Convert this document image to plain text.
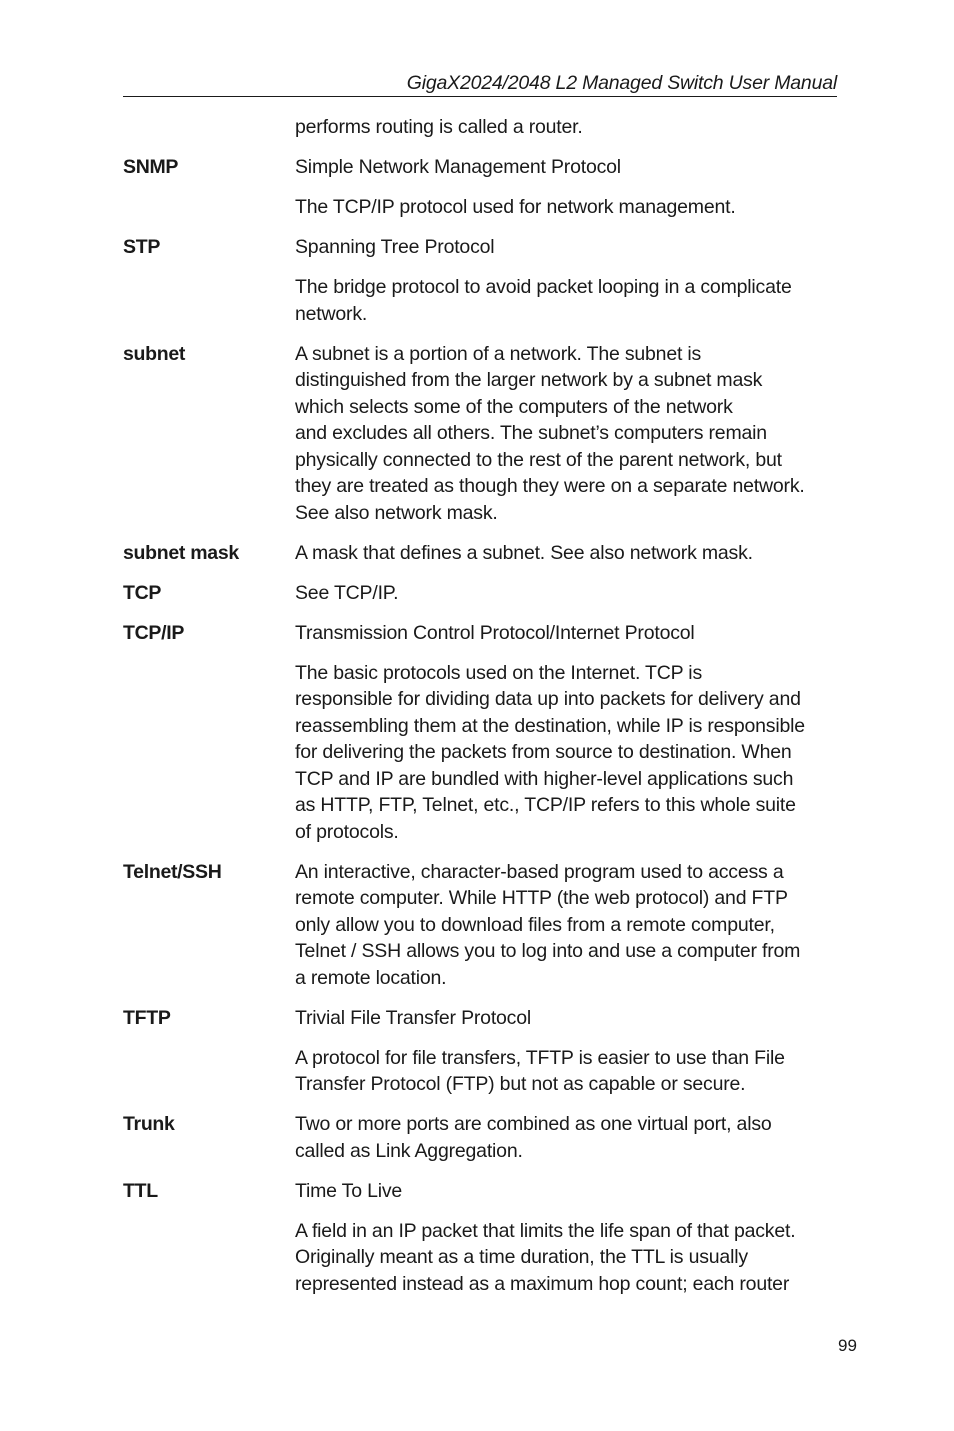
GigaX2024/2048 L2 Managed Switch User Manual
performs routing is called a router.
SNMP	Simple Network Management Protocol
The TCP/IP protocol used for network management.
STP	Spanning Tree Protocol
The bridge protocol to avoid packet looping in a complicate
network.
subnet	A subnet is a portion of a network. The subnet is
distinguished from the larger network by a subnet mask
which selects some of the computers of the network
and excludes all others. The subnet’s computers remain
physically connected to the rest of the parent network, but
they are treated as though they were on a separate network.
See also network mask.
subnet mask	A mask that defines a subnet. See also network mask.
TCP	See TCP/IP.
TCP/IP	Transmission Control Protocol/Internet Protocol
The basic protocols used on the Internet. TCP is
responsible for dividing data up into packets for delivery and
reassembling them at the destination, while IP is responsible
for delivering the packets from source to destination. When
TCP and IP are bundled with higher-level applications such
as HTTP, FTP, Telnet, etc., TCP/IP refers to this whole suite
of protocols.
Telnet/SSH	An interactive, character-based program used to access a
remote computer. While HTTP (the web protocol) and FTP
only allow you to download files from a remote computer,
Telnet / SSH allows you to log into and use a computer from
a remote location.
TFTP	Trivial File Transfer Protocol
A protocol for file transfers, TFTP is easier to use than File
Transfer Protocol (FTP) but not as capable or secure.
Trunk	Two or more ports are combined as one virtual port, also
called as Link Aggregation.
TTL	Time To Live
A field in an IP packet that limits the life span of that packet.
Originally meant as a time duration, the TTL is usually
represented instead as a maximum hop count; each router
99
